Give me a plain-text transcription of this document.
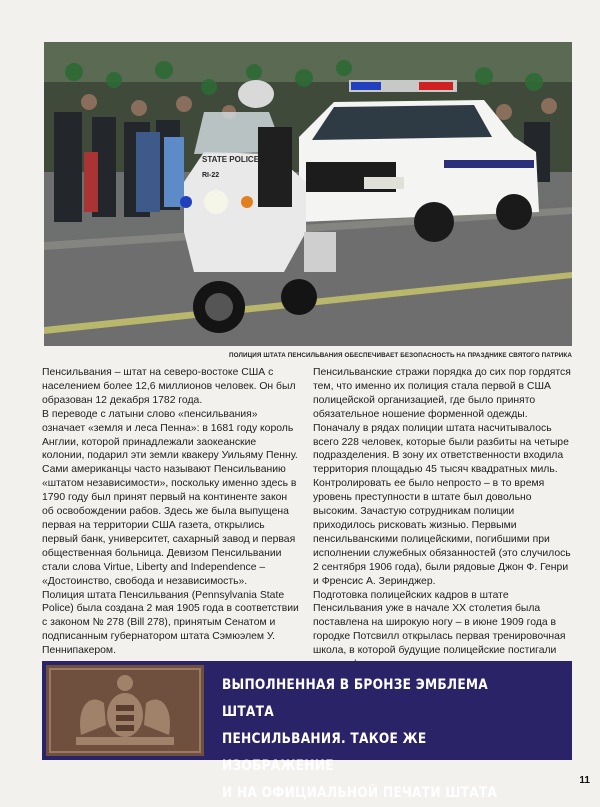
STATE POLICE
RI-22
ПОЛИЦИЯ ШТАТА ПЕНСИЛЬВАНИЯ ОБЕСПЕЧИВАЕТ БЕЗОПАСНОСТЬ НА ПРАЗДНИКЕ СВЯТОГО ПАТРИКА

Пенсильвания – штат на северо-востоке США с населением более 12,6 миллионов человек. Он был образован 12 декабря 1782 года.

В переводе с латыни слово «пенсильвания» означает «земля и леса Пенна»: в 1681 году король Англии, которой принадлежали заокеанские колонии, подарил эти земли квакеру Уильяму Пенну.

Сами американцы часто называют Пенсильванию «штатом независимости», поскольку именно здесь в 1790 году был принят первый на континенте закон об освобождении рабов. Здесь же была выпущена первая на территории США газета, открылись первый банк, университет, сахарный завод и первая общественная больница. Девизом Пенсильвании стали слова Virtue, Liberty and Independence – «Достоинство, свобода и независимость».

Полиция штата Пенсильвания (Pennsylvania State Police) была создана 2 мая 1905 года в соответствии с законом № 278 (Bill 278), принятым Сенатом и подписанным губернатором штата Сэмюэлем У. Пеннипакером.

Пенсильванские стражи порядка до сих пор гордятся тем, что именно их полиция стала первой в США полицейской организацией, где было принято обязательное ношение форменной одежды.

Поначалу в рядах полиции штата насчитывалось всего 228 человек, которые были разбиты на четыре подразделения. В зону их ответственности входила территория площадью 45 тысяч квадратных миль. Контролировать ее было непросто – в то время уровень преступности в штате был довольно высоким. Зачастую сотрудникам полиции приходилось рисковать жизнью. Первыми пенсильванскими полицейскими, погибшими при исполнении служебных обязанностей (это случилось 2 сентября 1906 года), были рядовые Джон Ф. Генри и Френсис А. Зеринджер.

Подготовка полицейских кадров в штате Пенсильвания уже в начале XX столетия была поставлена на широкую ногу – в июне 1909 года в городке Потсвилл открылась первая тренировочная школа, в которой будущие полицейские постигали

ВЫПОЛНЕННАЯ В БРОНЗЕ ЭМБЛЕМА ШТАТА
ПЕНСИЛЬВАНИЯ. ТАКОЕ ЖЕ ИЗОБРАЖЕНИЕ
И НА ОФИЦИАЛЬНОЙ ПЕЧАТИ ШТАТА
11
